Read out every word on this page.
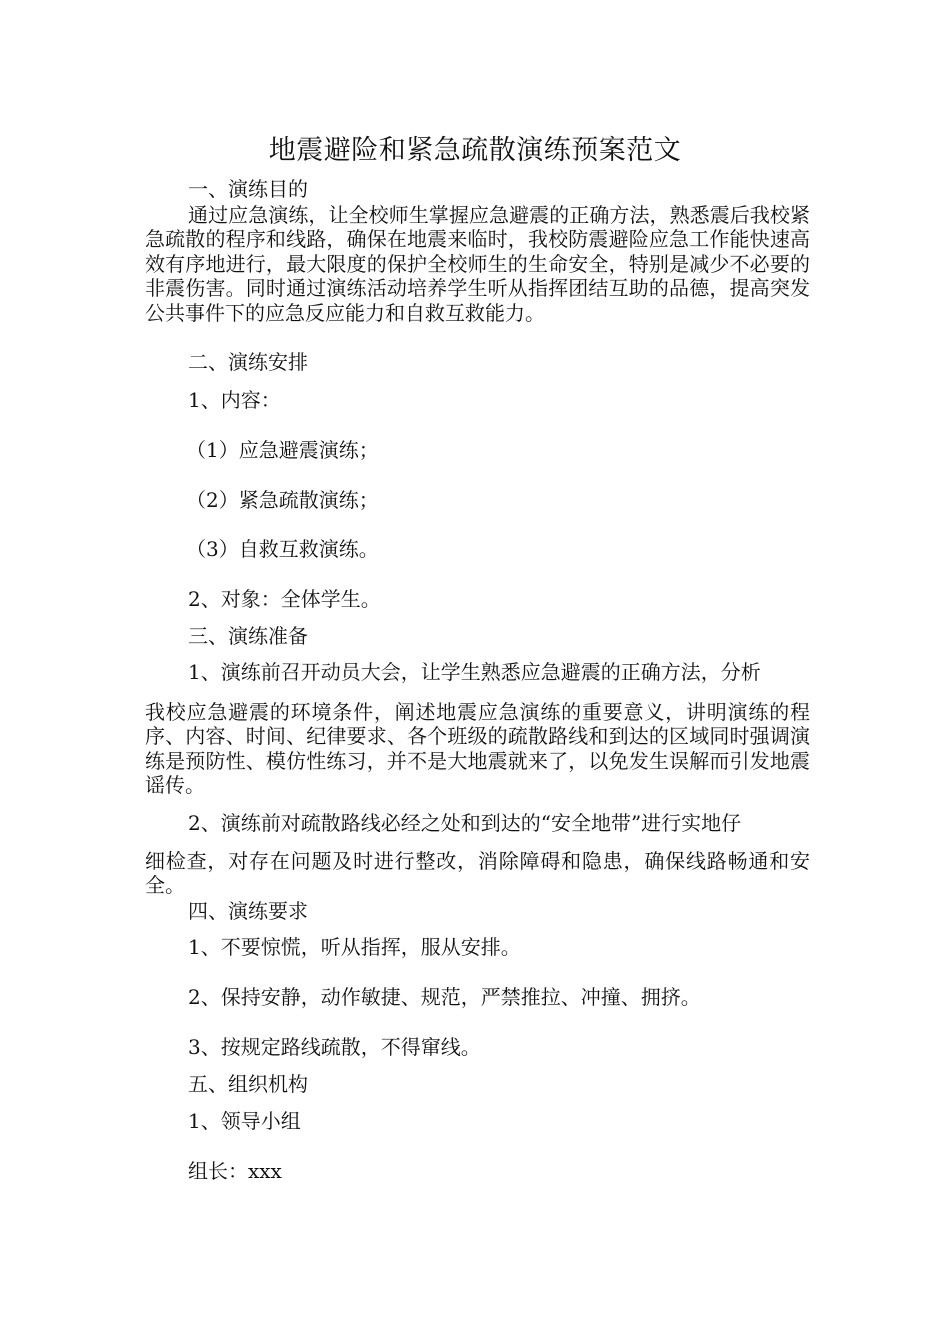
地震避险和紧急疏散演练预案范文
一、演练目的
通过应急演练，让全校师生掌握应急避震的正确方法，熟悉震后我校紧急疏散的程序和线路，确保在地震来临时，我校防震避险应急工作能快速高效有序地进行，最大限度的保护全校师生的生命安全，特别是减少不必要的非震伤害。同时通过演练活动培养学生听从指挥团结互助的品德，提高突发公共事件下的应急反应能力和自救互救能力。
二、演练安排
1、内容：
（1）应急避震演练；
（2）紧急疏散演练；
（3）自救互救演练。
2、对象：全体学生。
三、演练准备
1、演练前召开动员大会，让学生熟悉应急避震的正确方法，分析
我校应急避震的环境条件，阐述地震应急演练的重要意义，讲明演练的程序、内容、时间、纪律要求、各个班级的疏散路线和到达的区域同时强调演练是预防性、模仿性练习，并不是大地震就来了，以免发生误解而引发地震谣传。
2、演练前对疏散路线必经之处和到达的“安全地带”进行实地仔
细检查，对存在问题及时进行整改，消除障碍和隐患，确保线路畅通和安全。
四、演练要求
1、不要惊慌，听从指挥，服从安排。
2、保持安静，动作敏捷、规范，严禁推拉、冲撞、拥挤。
3、按规定路线疏散，不得窜线。
五、组织机构
1、领导小组
组长：xxx
